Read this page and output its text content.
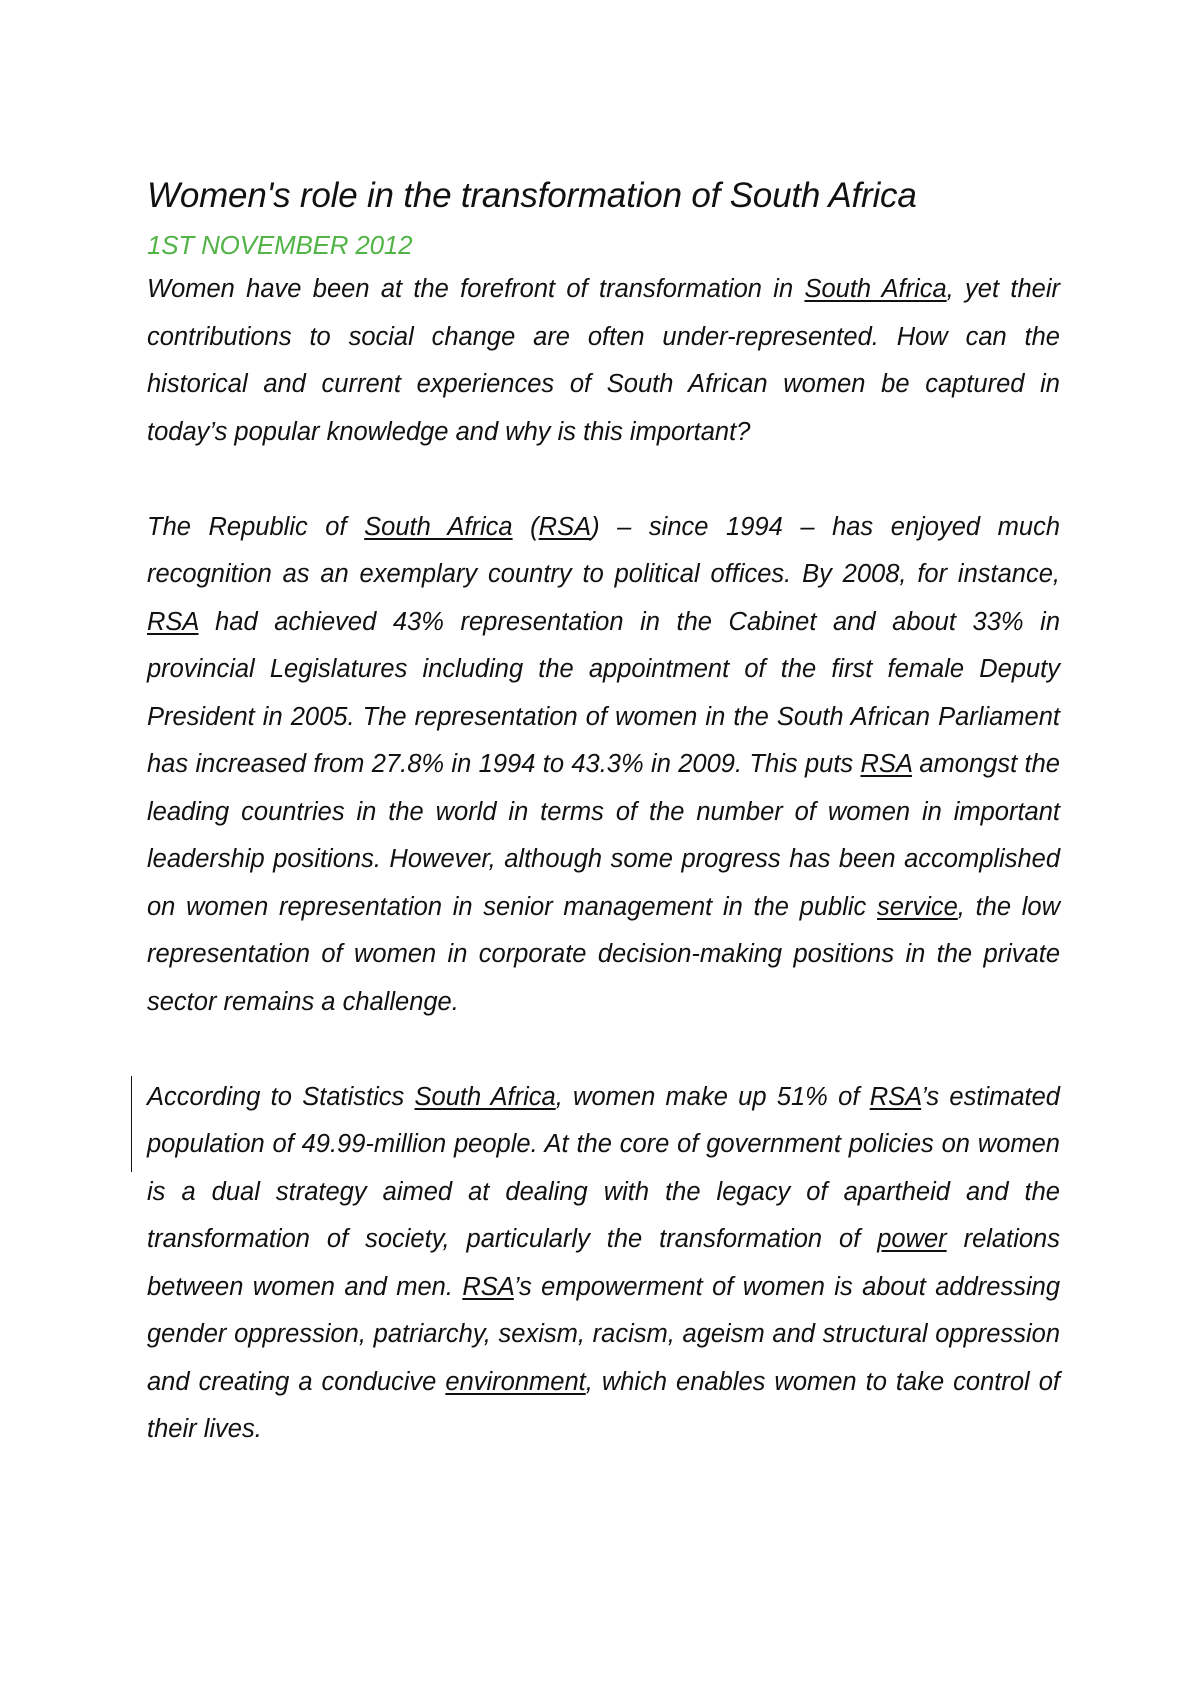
Women's role in the transformation of South Africa
1ST NOVEMBER 2012

Women have been at the forefront of transformation in South Africa, yet their contributions to social change are often under-represented. How can the historical and current experiences of South African women be captured in today’s popular knowledge and why is this important?

The Republic of South Africa (RSA) – since 1994 – has enjoyed much recognition as an exemplary country to political offices. By 2008, for instance, RSA had achieved 43% representation in the Cabinet and about 33% in provincial Legislatures including the appointment of the first female Deputy President in 2005. The representation of women in the South African Parliament has increased from 27.8% in 1994 to 43.3% in 2009. This puts RSA amongst the leading countries in the world in terms of the number of women in important leadership positions. However, although some progress has been accomplished on women representation in senior management in the public service, the low representation of women in corporate decision-making positions in the private sector remains a challenge.

According to Statistics South Africa, women make up 51% of RSA’s estimated population of 49.99-million people. At the core of government policies on women is a dual strategy aimed at dealing with the legacy of apartheid and the transformation of society, particularly the transformation of power relations between women and men. RSA’s empowerment of women is about addressing gender oppression, patriarchy, sexism, racism, ageism and structural oppression and creating a conducive environment, which enables women to take control of their lives.
